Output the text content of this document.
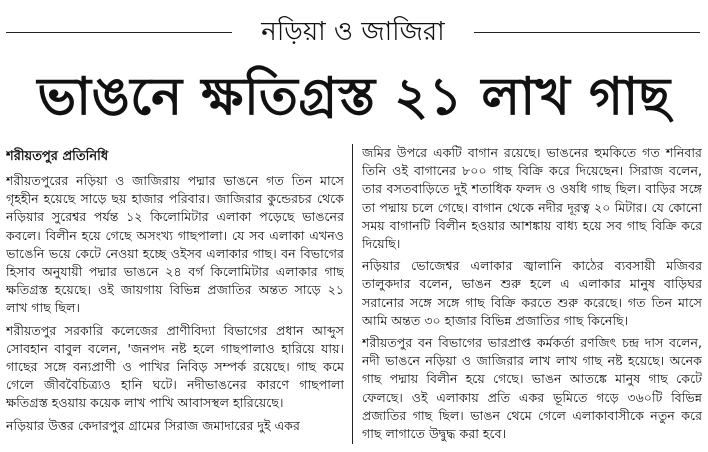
নড়িয়া ও জাজিরা
ভাঙনে ক্ষতিগ্রস্ত ২১ লাখ গাছ
শরীয়তপুর প্রতিনিধি

শরীয়তপুরের নড়িয়া ও জাজিরায় পদ্মার ভাঙনে গত তিন মাসে গৃহহীন হয়েছে সাড়ে ছয় হাজার পরিবার। জাজিরার কুন্ডেরচর থেকে নড়িয়ার সুরেশ্বর পর্যন্ত ১২ কিলোমিটার এলাকা পড়েছে ভাঙনের কবলে। বিলীন হয়ে গেছে অসংখ্য গাছপালা। যে সব এলাকা এখনও ভাঙেনি ভয়ে কেটে নেওয়া হচ্ছে ওইসব এলাকার গাছ। বন বিভাগের হিসাব অনুযায়ী পদ্মার ভাঙনে ২৪ বর্গ কিলোমিটার এলাকার গাছ ক্ষতিগ্রস্ত হয়েছে। ওই জায়গায় বিভিন্ন প্রজাতির অন্তত সাড়ে ২১ লাখ গাছ ছিল।

শরীয়তপুর সরকারি কলেজের প্রাণীবিদ্যা বিভাগের প্রধান আব্দুস সোবহান বাবুল বলেন, 'জনপদ নষ্ট হলে গাছপালাও হারিয়ে যায়। গাছের সঙ্গে বন্যপ্রাণী ও পাখির নিবিড় সম্পর্ক রয়েছে। গাছ কমে গেলে জীববৈচিত্র্যও হানি ঘটে। নদীভাঙনের কারণে গাছপালা ক্ষতিগ্রস্ত হওয়ায় কয়েক লাখ পাখি আবাসস্থল হারিয়েছে।

নড়িয়ার উত্তর কেদারপুর গ্রামের সিরাজ জমাদারের দুই একর

জমির উপরে একটি বাগান রয়েছে। ভাঙনের হুমকিতে গত শনিবার তিনি ওই বাগানের ৮০০ গাছ বিক্রি করে দিয়েছেন। সিরাজ বলেন, তার বসতবাড়িতে দুই শতাধিক ফলদ ও ওষধি গাছ ছিল। বাড়ির সঙ্গে তা পদ্মায় চলে গেছে। বাগান থেকে নদীর দূরত্ব ২০ মিটার। যে কোনো সময় বাগানটি বিলীন হওয়ার আশঙ্কায় বাধ্য হয়ে সব গাছ বিক্রি করে দিয়েছি।

নড়িয়ার ভোজেশ্বর এলাকার জ্বালানি কাঠের ব্যবসায়ী মজিবর তালুকদার বলেন, ভাঙন শুরু হলে এ এলাকার মানুষ বাড়িঘর সরানোর সঙ্গে সঙ্গে গাছ বিক্রি করতে শুরু করেছে। গত তিন মাসে আমি অন্তত ৩০ হাজার বিভিন্ন প্রজাতির গাছ কিনেছি।

শরীয়তপুর বন বিভাগের ভারপ্রাপ্ত কর্মকর্তা রণজিৎ চন্দ্র দাস বলেন, নদী ভাঙনে নড়িয়া ও জাজিরার লাখ লাখ গাছ নষ্ট হয়েছে। অনেক গাছ পদ্মায় বিলীন হয়ে গেছে। ভাঙন আতঙ্কে মানুষ গাছ কেটে ফেলছে। ওই এলাকায় প্রতি একর ভূমিতে গড়ে ৩৬০টি বিভিন্ন প্রজাতির গাছ ছিল। ভাঙন থেমে গেলে এলাকাবাসীকে নতুন করে গাছ লাগাতে উদ্বুদ্ধ করা হবে।
